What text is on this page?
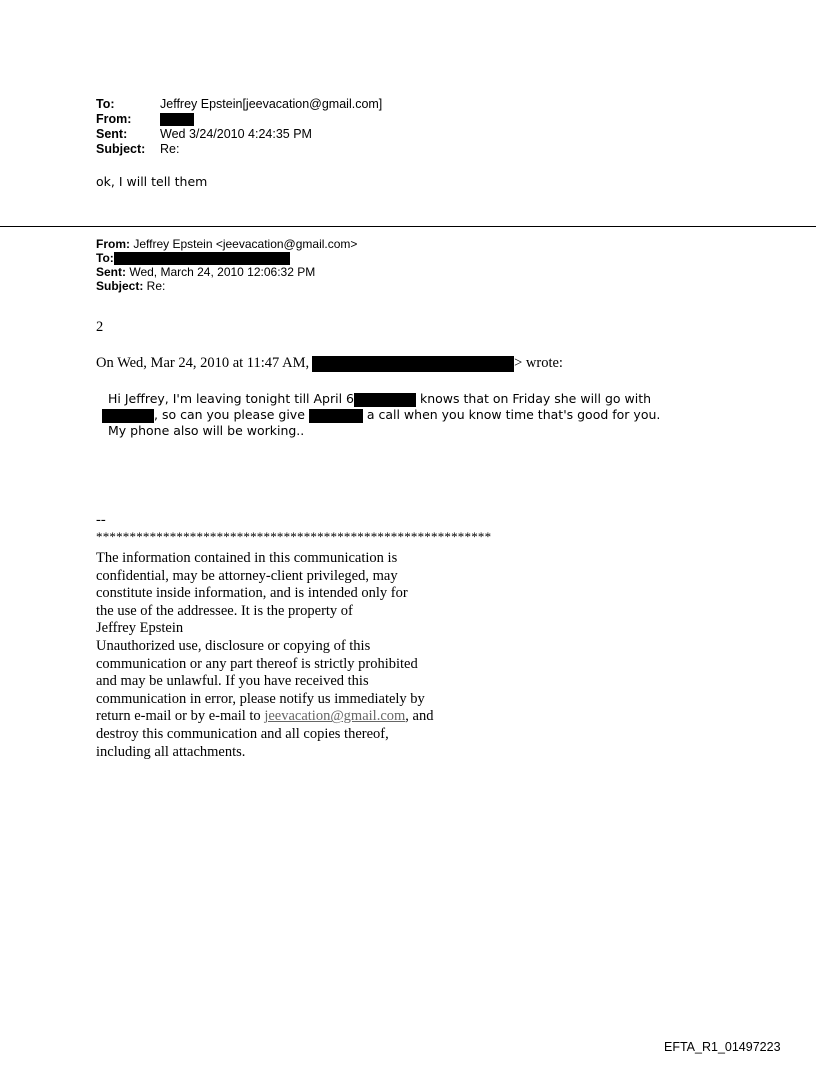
To:	Jeffrey Epstein[jeevacation@gmail.com]
From:
Sent:	Wed 3/24/2010 4:24:35 PM
Subject: Re:
ok, I will tell them
From: Jeffrey Epstein <jeevacation@gmail.com>
To:
Sent: Wed, March 24, 2010 12:06:32 PM
Subject: Re:
2
On Wed, Mar 24, 2010 at 11:47 AM,	> wrote:
Hi Jeffrey, I'm leaving tonight till April 6	knows that on Friday she will go with
, so can you please give	a call when you know time that's good for you.
My phone also will be working..
--
***********************************************************
The information contained in this communication is
confidential, may be attorney-client privileged, may
constitute inside information, and is intended only for
the use of the addressee. It is the property of
Jeffrey Epstein
Unauthorized use, disclosure or copying of this
communication or any part thereof is strictly prohibited
and may be unlawful. If you have received this
communication in error, please notify us immediately by
return e-mail or by e-mail to jeevacation@gmail.com, and
destroy this communication and all copies thereof,
including all attachments.
EFTA_R1_01497223
